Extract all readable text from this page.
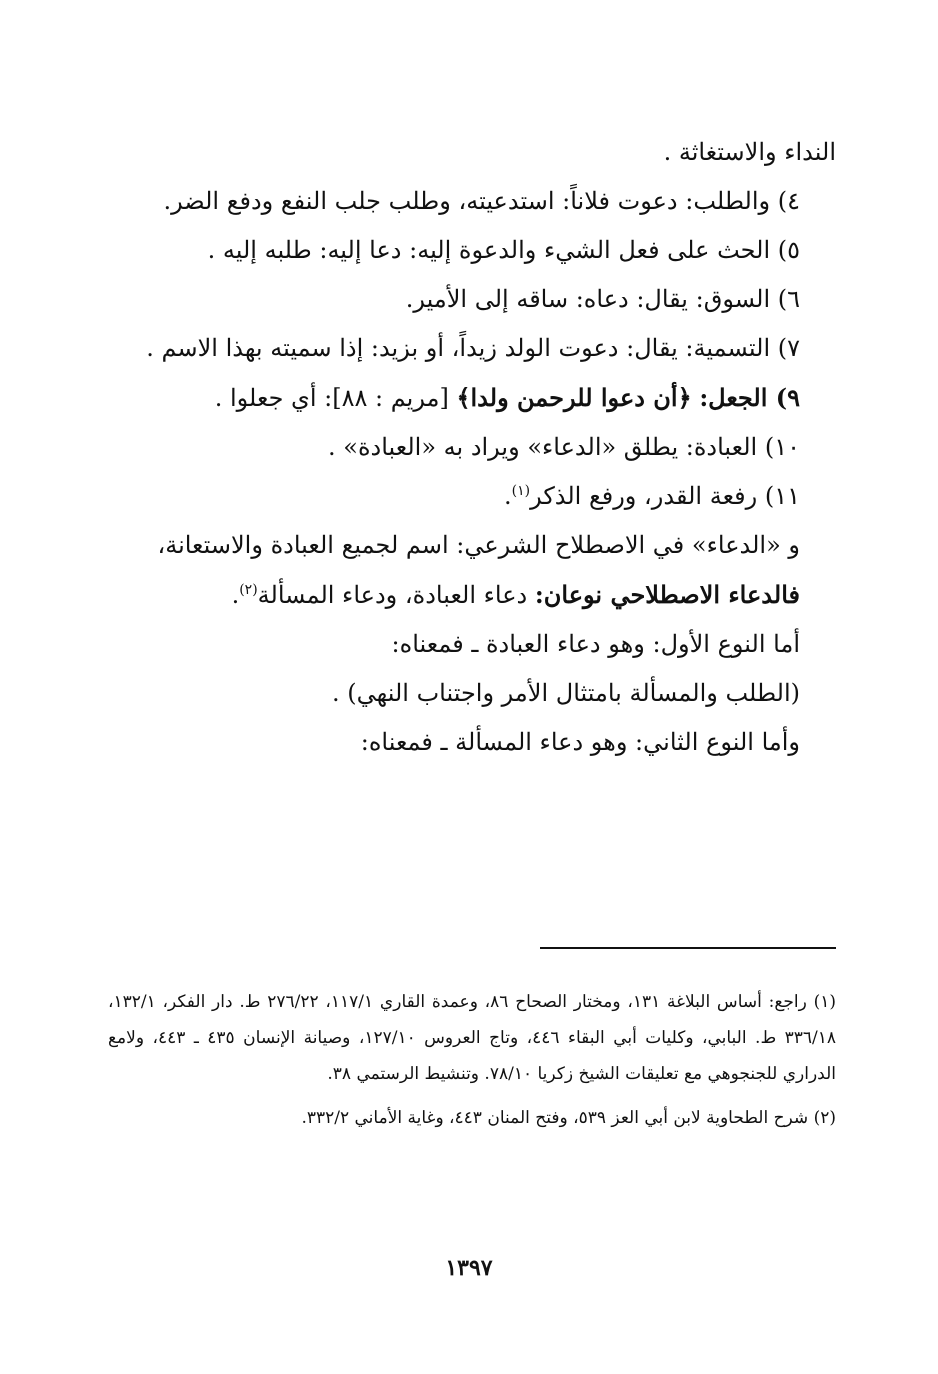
النداء والاستغاثة .

٤) والطلب: دعوت فلاناً: استدعيته، وطلب جلب النفع ودفع الضر.

٥) الحث على فعل الشيء والدعوة إليه: دعا إليه: طلبه إليه .

٦) السوق: يقال: دعاه: ساقه إلى الأمير.

٧) التسمية: يقال: دعوت الولد زيداً، أو بزيد: إذا سميته بهذا الاسم .

٩) الجعل: ﴿أن دعوا للرحمن ولدا﴾ [مريم : ٨٨]: أي جعلوا .

١٠) العبادة: يطلق «الدعاء» ويراد به «العبادة» .

١١) رفعة القدر، ورفع الذكر$^{(١)}$.

و «الدعاء» في الاصطلاح الشرعي: اسم لجميع العبادة والاستعانة،

فالدعاء الاصطلاحي نوعان: دعاء العبادة، ودعاء المسألة$^{(٢)}$.

أما النوع الأول: وهو دعاء العبادة ـ فمعناه:

(الطلب والمسألة بامتثال الأمر واجتناب النهي) .

وأما النوع الثاني: وهو دعاء المسألة ـ فمعناه:

(١) راجع: أساس البلاغة ١٣١، ومختار الصحاح ٨٦، وعمدة القاري ١١٧/١، ٢٧٦/٢٢ ط. دار الفكر، ١٣٢/١، ٣٣٦/١٨ ط. البابي، وكليات أبي البقاء ٤٤٦، وتاج العروس ١٢٧/١٠، وصيانة الإنسان ٤٣٥ ـ ٤٤٣، ولامع الدراري للجنجوهي مع تعليقات الشيخ زكريا ٧٨/١٠. وتنشيط الرستمي ٣٨.

(٢) شرح الطحاوية لابن أبي العز ٥٣٩، وفتح المنان ٤٤٣، وغاية الأماني ٣٣٢/٢.

١٣٩٧
